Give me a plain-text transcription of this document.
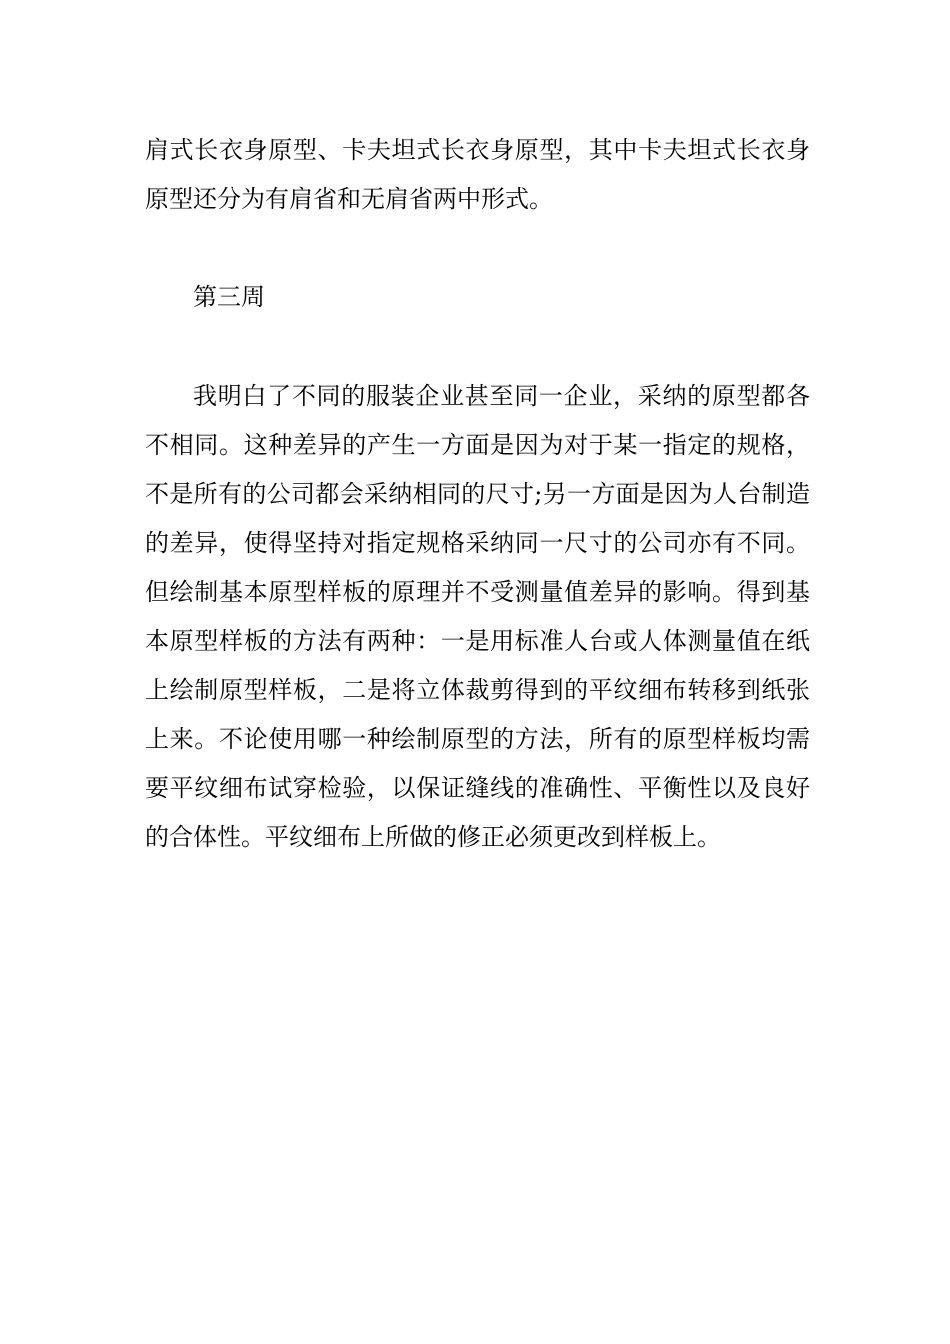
肩式长衣身原型、卡夫坦式长衣身原型，其中卡夫坦式长衣身原型还分为有肩省和无肩省两中形式。

第三周

我明白了不同的服装企业甚至同一企业，采纳的原型都各不相同。这种差异的产生一方面是因为对于某一指定的规格，不是所有的公司都会采纳相同的尺寸;另一方面是因为人台制造的差异，使得坚持对指定规格采纳同一尺寸的公司亦有不同。但绘制基本原型样板的原理并不受测量值差异的影响。得到基本原型样板的方法有两种：一是用标准人台或人体测量值在纸上绘制原型样板，二是将立体裁剪得到的平纹细布转移到纸张上来。不论使用哪一种绘制原型的方法，所有的原型样板均需要平纹细布试穿检验，以保证缝线的准确性、平衡性以及良好的合体性。平纹细布上所做的修正必须更改到样板上。
